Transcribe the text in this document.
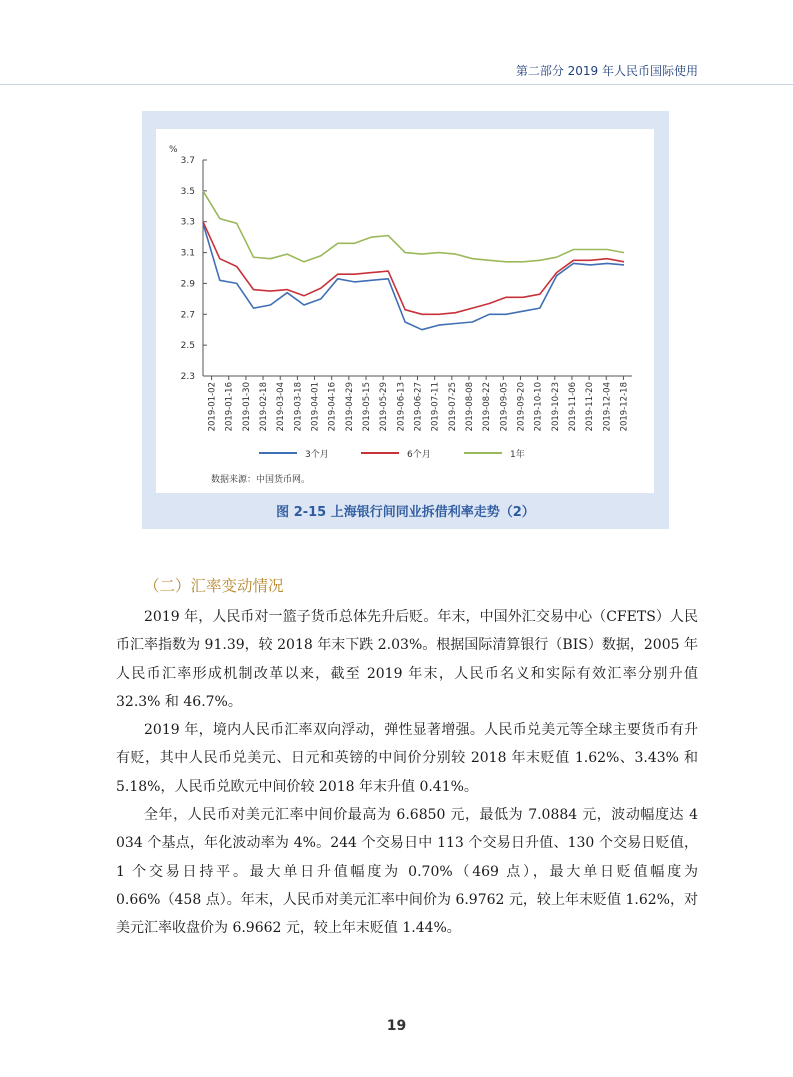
第二部分 2019 年人民币国际使用
%
3.7
3.5
3.3
3.1
2.9
2.7
2.5
2.3
2019-01-02 2019-01-16 2019-01-30 2019-02-18 2019-03-04 2019-03-18 2019-04-01 2019-04-16 2019-04-29 2019-05-15 2019-05-29 2019-06-13 2019-06-27 2019-07-11 2019-07-25 2019-08-08 2019-08-22 2019-09-05 2019-09-20 2019-10-10 2019-10-23 2019-11-06 2019-11-20 2019-12-04 2019-12-18
3个月	6个月	1年
数据来源：中国货币网。
图 2-15 上海银行间同业拆借利率走势（2）
（二）汇率变动情况

2019 年，人民币对一篮子货币总体先升后贬。年末，中国外汇交易中心（CFETS）人民币汇率指数为 91.39，较 2018 年末下跌 2.03%。根据国际清算银行（BIS）数据，2005 年人民币汇率形成机制改革以来，截至 2019 年末，人民币名义和实际有效汇率分别升值 32.3% 和 46.7%。

2019 年，境内人民币汇率双向浮动，弹性显著增强。人民币兑美元等全球主要货币有升有贬，其中人民币兑美元、日元和英镑的中间价分别较 2018 年末贬值 1.62%、3.43% 和 5.18%，人民币兑欧元中间价较 2018 年末升值 0.41%。

全年，人民币对美元汇率中间价最高为 6.6850 元，最低为 7.0884 元，波动幅度达 4 034 个基点，年化波动率为 4%。244 个交易日中 113 个交易日升值、130 个交易日贬值，1 个交易日持平。最大单日升值幅度为 0.70%（469 点），最大单日贬值幅度为 0.66%（458 点）。年末，人民币对美元汇率中间价为 6.9762 元，较上年末贬值 1.62%，对美元汇率收盘价为 6.9662 元，较上年末贬值 1.44%。

19
